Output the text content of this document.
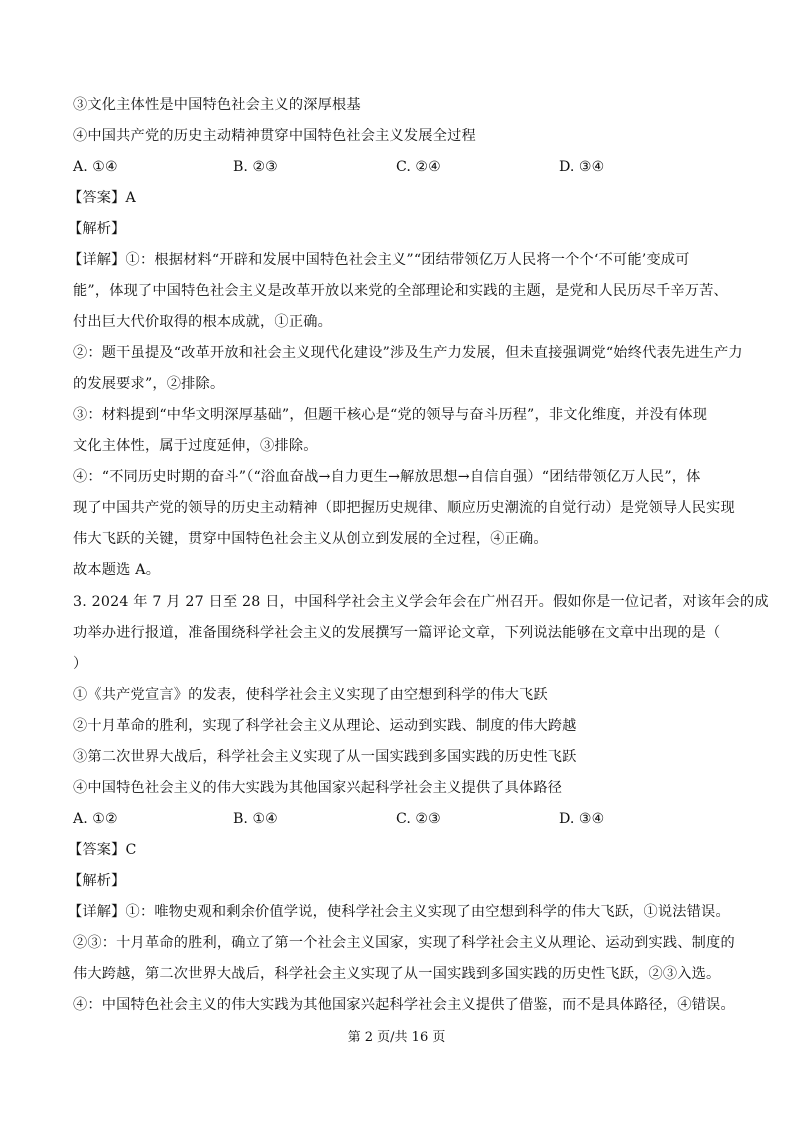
③文化主体性是中国特色社会主义的深厚根基
④中国共产党的历史主动精神贯穿中国特色社会主义发展全过程
A. ①④	B. ②③	C. ②④	D. ③④
【答案】A
【解析】
【详解】①：根据材料“开辟和发展中国特色社会主义”“团结带领亿万人民将一个个‘不可能’变成可
能”，体现了中国特色社会主义是改革开放以来党的全部理论和实践的主题，是党和人民历尽千辛万苦、
付出巨大代价取得的根本成就，①正确。
②：题干虽提及“改革开放和社会主义现代化建设”涉及生产力发展，但未直接强调党“始终代表先进生产力
的发展要求”，②排除。
③：材料提到“中华文明深厚基础”，但题干核心是“党的领导与奋斗历程”，非文化维度，并没有体现
文化主体性，属于过度延伸，③排除。
④：“不同历史时期的奋斗”（“浴血奋战→自力更生→解放思想→自信自强）“团结带领亿万人民”，体
现了中国共产党的领导的历史主动精神（即把握历史规律、顺应历史潮流的自觉行动）是党领导人民实现
伟大飞跃的关键，贯穿中国特色社会主义从创立到发展的全过程，④正确。
故本题选 A。
3. 2024 年 7 月 27 日至 28 日，中国科学社会主义学会年会在广州召开。假如你是一位记者，对该年会的成
功举办进行报道，准备围绕科学社会主义的发展撰写一篇评论文章，下列说法能够在文章中出现的是（
）
①《共产党宣言》的发表，使科学社会主义实现了由空想到科学的伟大飞跃
②十月革命的胜利，实现了科学社会主义从理论、运动到实践、制度的伟大跨越
③第二次世界大战后，科学社会主义实现了从一国实践到多国实践的历史性飞跃
④中国特色社会主义的伟大实践为其他国家兴起科学社会主义提供了具体路径
A. ①②	B. ①④	C. ②③	D. ③④
【答案】C
【解析】
【详解】①：唯物史观和剩余价值学说，使科学社会主义实现了由空想到科学的伟大飞跃，①说法错误。
②③：十月革命的胜利，确立了第一个社会主义国家，实现了科学社会主义从理论、运动到实践、制度的
伟大跨越，第二次世界大战后，科学社会主义实现了从一国实践到多国实践的历史性飞跃，②③入选。
④：中国特色社会主义的伟大实践为其他国家兴起科学社会主义提供了借鉴，而不是具体路径，④错误。
第 2 页/共 16 页
